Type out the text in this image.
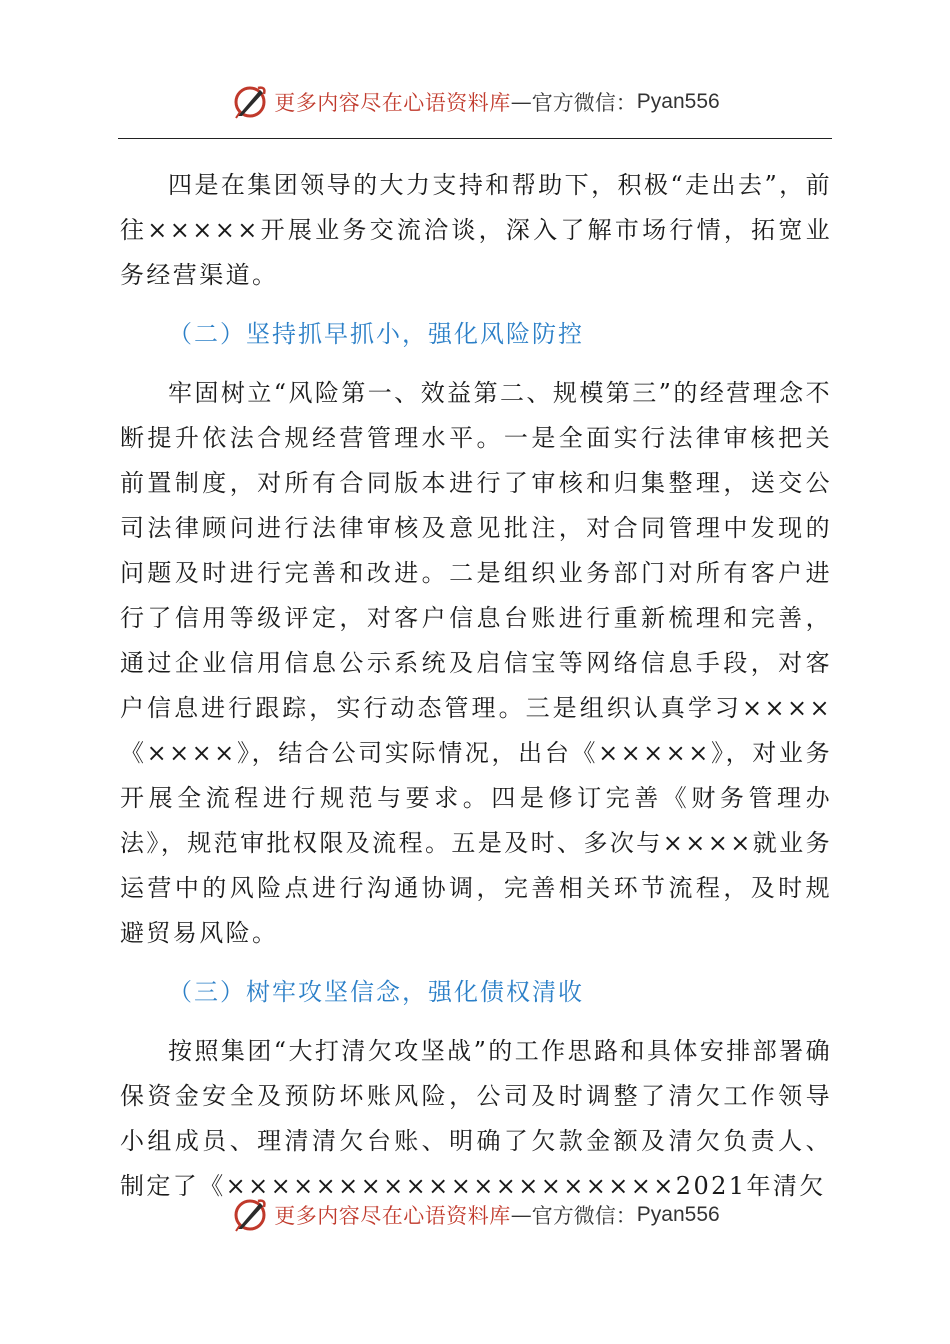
更多内容尽在心语资料库 — 官方微信： Pyan556

四是在集团领导的大力支持和帮助下，积极“走出去”，前往×××××开展业务交流洽谈，深入了解市场行情，拓宽业务经营渠道。

（二）坚持抓早抓小，强化风险防控

牢固树立“风险第一、效益第二、规模第三”的经营理念不断提升依法合规经营管理水平。一是全面实行法律审核把关前置制度，对所有合同版本进行了审核和归集整理，送交公司法律顾问进行法律审核及意见批注，对合同管理中发现的问题及时进行完善和改进。二是组织业务部门对所有客户进行了信用等级评定，对客户信息台账进行重新梳理和完善，通过企业信用信息公示系统及启信宝等网络信息手段，对客户信息进行跟踪，实行动态管理。三是组织认真学习××××《××××》，结合公司实际情况，出台《×××××》，对业务开展全流程进行规范与要求。四是修订完善《财务管理办法》，规范审批权限及流程。五是及时、多次与××××就业务运营中的风险点进行沟通协调，完善相关环节流程，及时规避贸易风险。

（三）树牢攻坚信念，强化债权清收

按照集团“大打清欠攻坚战”的工作思路和具体安排部署确保资金安全及预防坏账风险，公司及时调整了清欠工作领导小组成员、理清清欠台账、明确了欠款金额及清欠负责人、制定了《××××××××××××××××××××2021年清欠

更多内容尽在心语资料库 — 官方微信： Pyan556
